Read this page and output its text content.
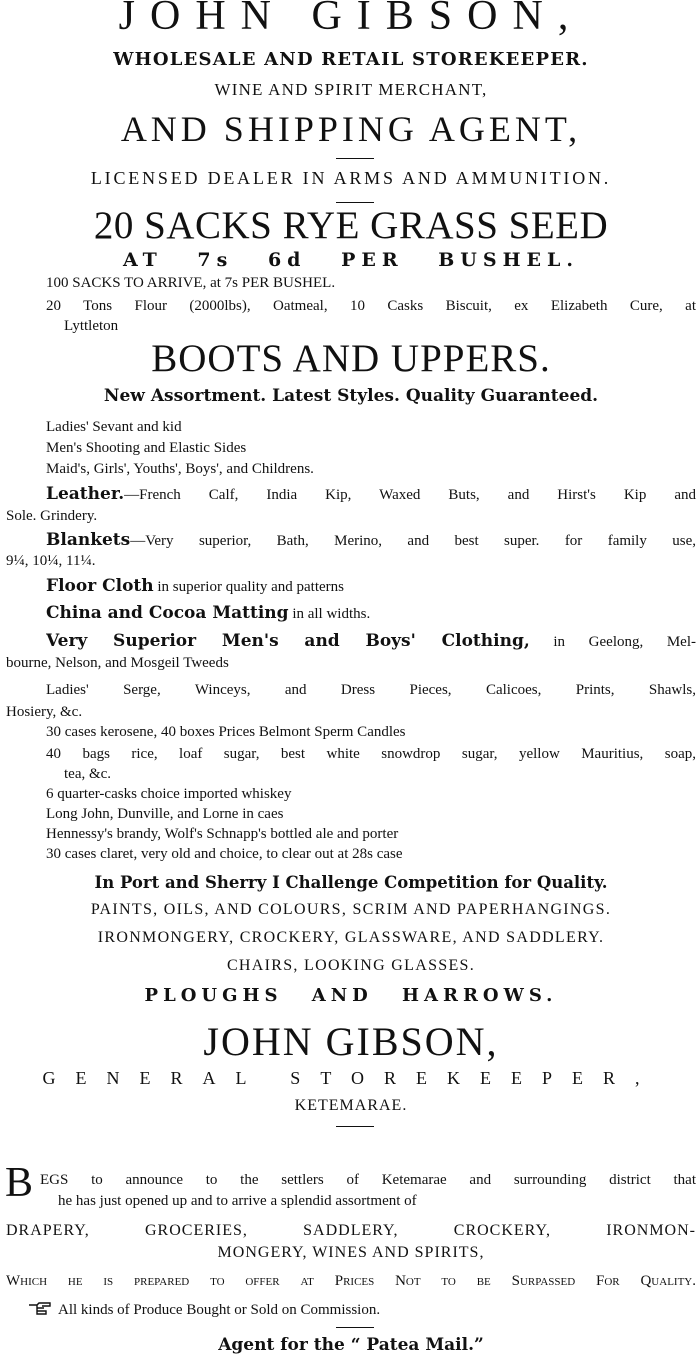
JOHN GIBSON,
WHOLESALE AND RETAIL STOREKEEPER.
WINE AND SPIRIT MERCHANT,
AND SHIPPING AGENT,
LICENSED DEALER IN ARMS AND AMMUNITION.
20 SACKS RYE GRASS SEED
AT 7s 6d PER BUSHEL.
100 SACKS TO ARRIVE, at 7s PER BUSHEL.
20 Tons Flour (2000lbs), Oatmeal, 10 Casks Biscuit, ex Elizabeth Cure, at
Lyttleton
BOOTS AND UPPERS.
New Assortment. Latest Styles. Quality Guaranteed.
Ladies' Sevant and kid
Men's Shooting and Elastic Sides
Maid's, Girls', Youths', Boys', and Childrens.
Leather.—French Calf, India Kip, Waxed Buts, and Hirst's Kip and
Sole. Grindery.
Blankets—Very superior, Bath, Merino, and best super. for family use,
9¼, 10¼, 11¼.
Floor Cloth in superior quality and patterns
China and Cocoa Matting in all widths.
Very Superior Men's and Boys' Clothing, in Geelong, Mel-
bourne, Nelson, and Mosgeil Tweeds
Ladies' Serge, Winceys, and Dress Pieces, Calicoes, Prints, Shawls,
Hosiery, &c.
30 cases kerosene, 40 boxes Prices Belmont Sperm Candles
40 bags rice, loaf sugar, best white snowdrop sugar, yellow Mauritius, soap,
tea, &c.
6 quarter-casks choice imported whiskey
Long John, Dunville, and Lorne in caes
Hennessy's brandy, Wolf's Schnapp's bottled ale and porter
30 cases claret, very old and choice, to clear out at 28s case
In Port and Sherry I Challenge Competition for Quality.
PAINTS, OILS, AND COLOURS, SCRIM AND PAPERHANGINGS.
IRONMONGERY, CROCKERY, GLASSWARE, AND SADDLERY.
CHAIRS, LOOKING GLASSES.
PLOUGHS AND HARROWS.
JOHN GIBSON,
GENERAL STOREKEEPER,
KETEMARAE.
B EGS to announce to the settlers of Ketemarae and surrounding district that
he has just opened up and to arrive a splendid assortment of
DRAPERY, GROCERIES, SADDLERY, CROCKERY, IRONMON-
MONGERY, WINES AND SPIRITS,
Which he is prepared to offer at Prices Not to be Surpassed For Quality.
All kinds of Produce Bought or Sold on Commission.
Agent for the “ Patea Mail.”
